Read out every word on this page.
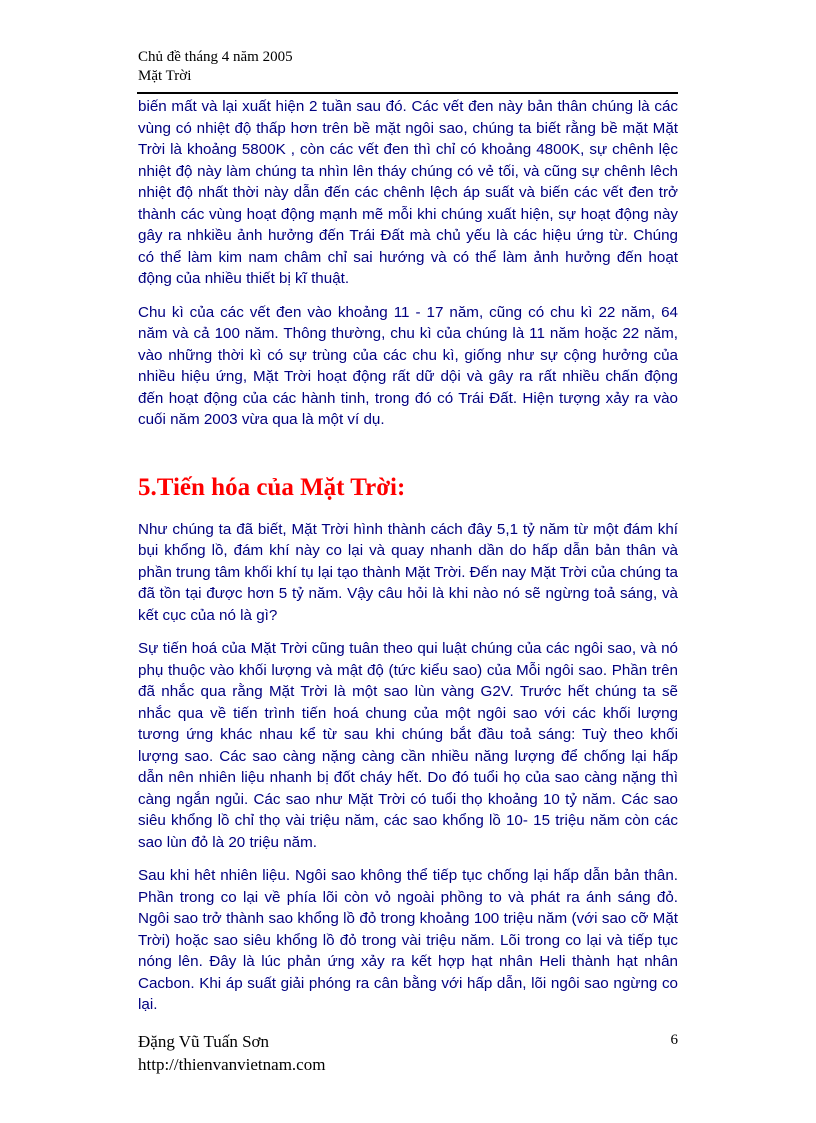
Chủ đề tháng 4 năm 2005
Mặt Trời

biến mất và lại xuất hiện 2 tuần sau đó. Các vết đen này bản thân chúng là các vùng có nhiệt độ thấp hơn trên bề mặt ngôi sao, chúng ta biết rằng bề mặt Mặt Trời là khoảng 5800K , còn các vết đen thì chỉ có khoảng 4800K, sự chênh lệc nhiệt độ này làm chúng ta nhìn lên tháy chúng có vẻ tối, và cũng sự chênh lêch nhiệt độ nhất thời này dẫn đến các chênh lệch áp suất và biến các vết đen trở thành các vùng hoạt động mạnh mẽ mỗi khi chúng xuất hiện, sự hoạt động này gây ra nhkiều ảnh hưởng đến Trái Đất mà chủ yếu là các hiệu ứng từ. Chúng có thể làm kim nam châm chỉ sai hướng và có thể làm ảnh hưởng đến hoạt động của nhiều thiết bị kĩ thuật.

Chu kì của các vết đen vào khoảng 11 - 17 năm, cũng có chu kì 22 năm, 64 năm và cả 100 năm. Thông thường, chu kì của chúng là 11 năm hoặc 22 năm, vào những thời kì có sự trùng của các chu kì, giống như sự cộng hưởng của nhiều hiệu ứng, Mặt Trời hoạt động rất dữ dội và gây ra rất nhiều chấn động đến hoạt động của các hành tinh, trong đó có Trái Đất. Hiện tượng xảy ra vào cuối năm 2003 vừa qua là một ví dụ.

5.Tiến hóa của Mặt Trời:

Như chúng ta đã biết, Mặt Trời hình thành cách đây 5,1 tỷ năm từ một đám khí bụi khổng lồ, đám khí này co lại và quay nhanh dần do hấp dẫn bản thân và phần trung tâm khối khí tụ lại tạo thành Mặt Trời. Đến nay Mặt Trời của chúng ta đã tồn tại được hơn 5 tỷ năm. Vậy câu hỏi là khi nào nó sẽ ngừng toả sáng, và kết cục của nó là gì?

Sự tiến hoá của Mặt Trời cũng tuân theo qui luật chúng của các ngôi sao, và nó phụ thuộc vào khối lượng và mật độ (tức kiểu sao) của Mỗi ngôi sao. Phần trên đã nhắc qua rằng Mặt Trời là một sao lùn vàng G2V. Trước hết chúng ta sẽ nhắc qua về tiến trình tiến hoá chung của một ngôi sao với các khối lượng tương ứng khác nhau kể từ sau khi chúng bắt đầu toả sáng: Tuỳ theo khối lượng sao. Các sao càng nặng càng cần nhiều năng lượng để chống lại hấp dẫn nên nhiên liệu nhanh bị đốt cháy hết. Do đó tuổi họ của sao càng nặng thì càng ngắn ngủi. Các sao như Mặt Trời có tuổi thọ khoảng 10 tỷ năm. Các sao siêu khổng lồ chỉ thọ vài triệu năm, các sao khổng lồ 10- 15 triệu năm còn các sao lùn đỏ là 20 triệu năm.

Sau khi hêt nhiên liệu. Ngôi sao không thể tiếp tục chống lại hấp dẫn bản thân. Phần trong co lại về phía lõi còn vỏ ngoài phồng to và phát ra ánh sáng đỏ. Ngôi sao trở thành sao khổng lồ đỏ trong khoảng 100 triệu năm (với sao cỡ Mặt Trời) hoặc sao siêu khổng lồ đỏ trong vài triệu năm. Lõi trong co lại và tiếp tục nóng lên. Đây là lúc phản ứng xảy ra kết hợp hạt nhân Heli thành hạt nhân Cacbon. Khi áp suất giải phóng ra cân bằng với hấp dẫn, lõi ngôi sao ngừng co lại.

Đặng Vũ Tuấn Sơn
http://thienvanvietnam.com
6
